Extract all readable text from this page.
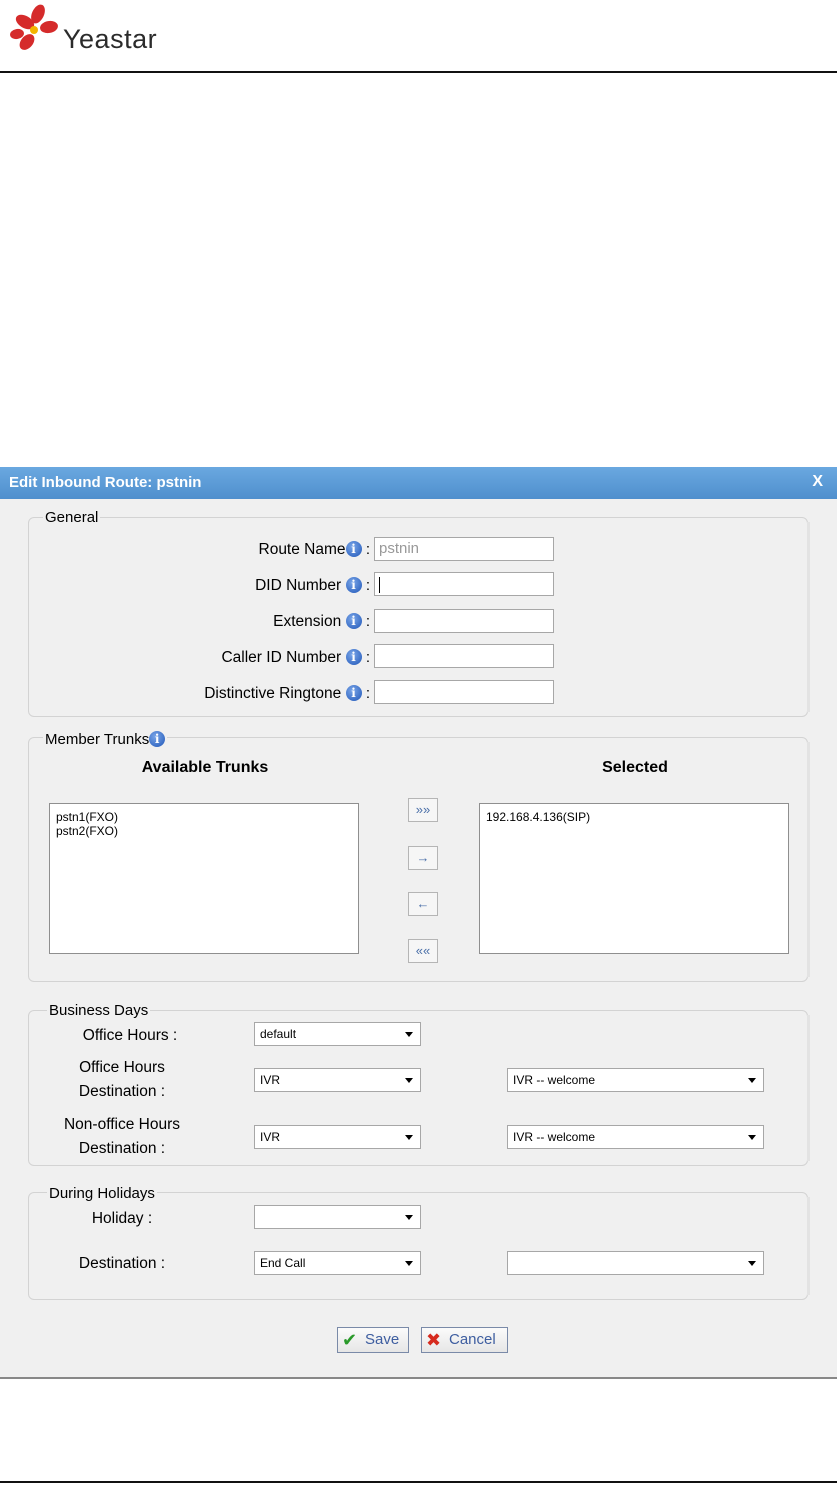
Yeastar
Edit Inbound Route: pstnin	X
General
Route Name i : pstnin
DID Number i :
Extension i :
Caller ID Number i :
Distinctive Ringtone i :
Member Trunks i
Available Trunks	Selected
pstn1(FXO)
pstn2(FXO)
»»
→
←
««
192.168.4.136(SIP)
Business Days
Office Hours :	default
Office Hours
Destination :
IVR	IVR -- welcome
Non-office Hours
Destination :
IVR	IVR -- welcome
During Holidays
Holiday :
Destination :	End Call
✔ Save ✖ Cancel
